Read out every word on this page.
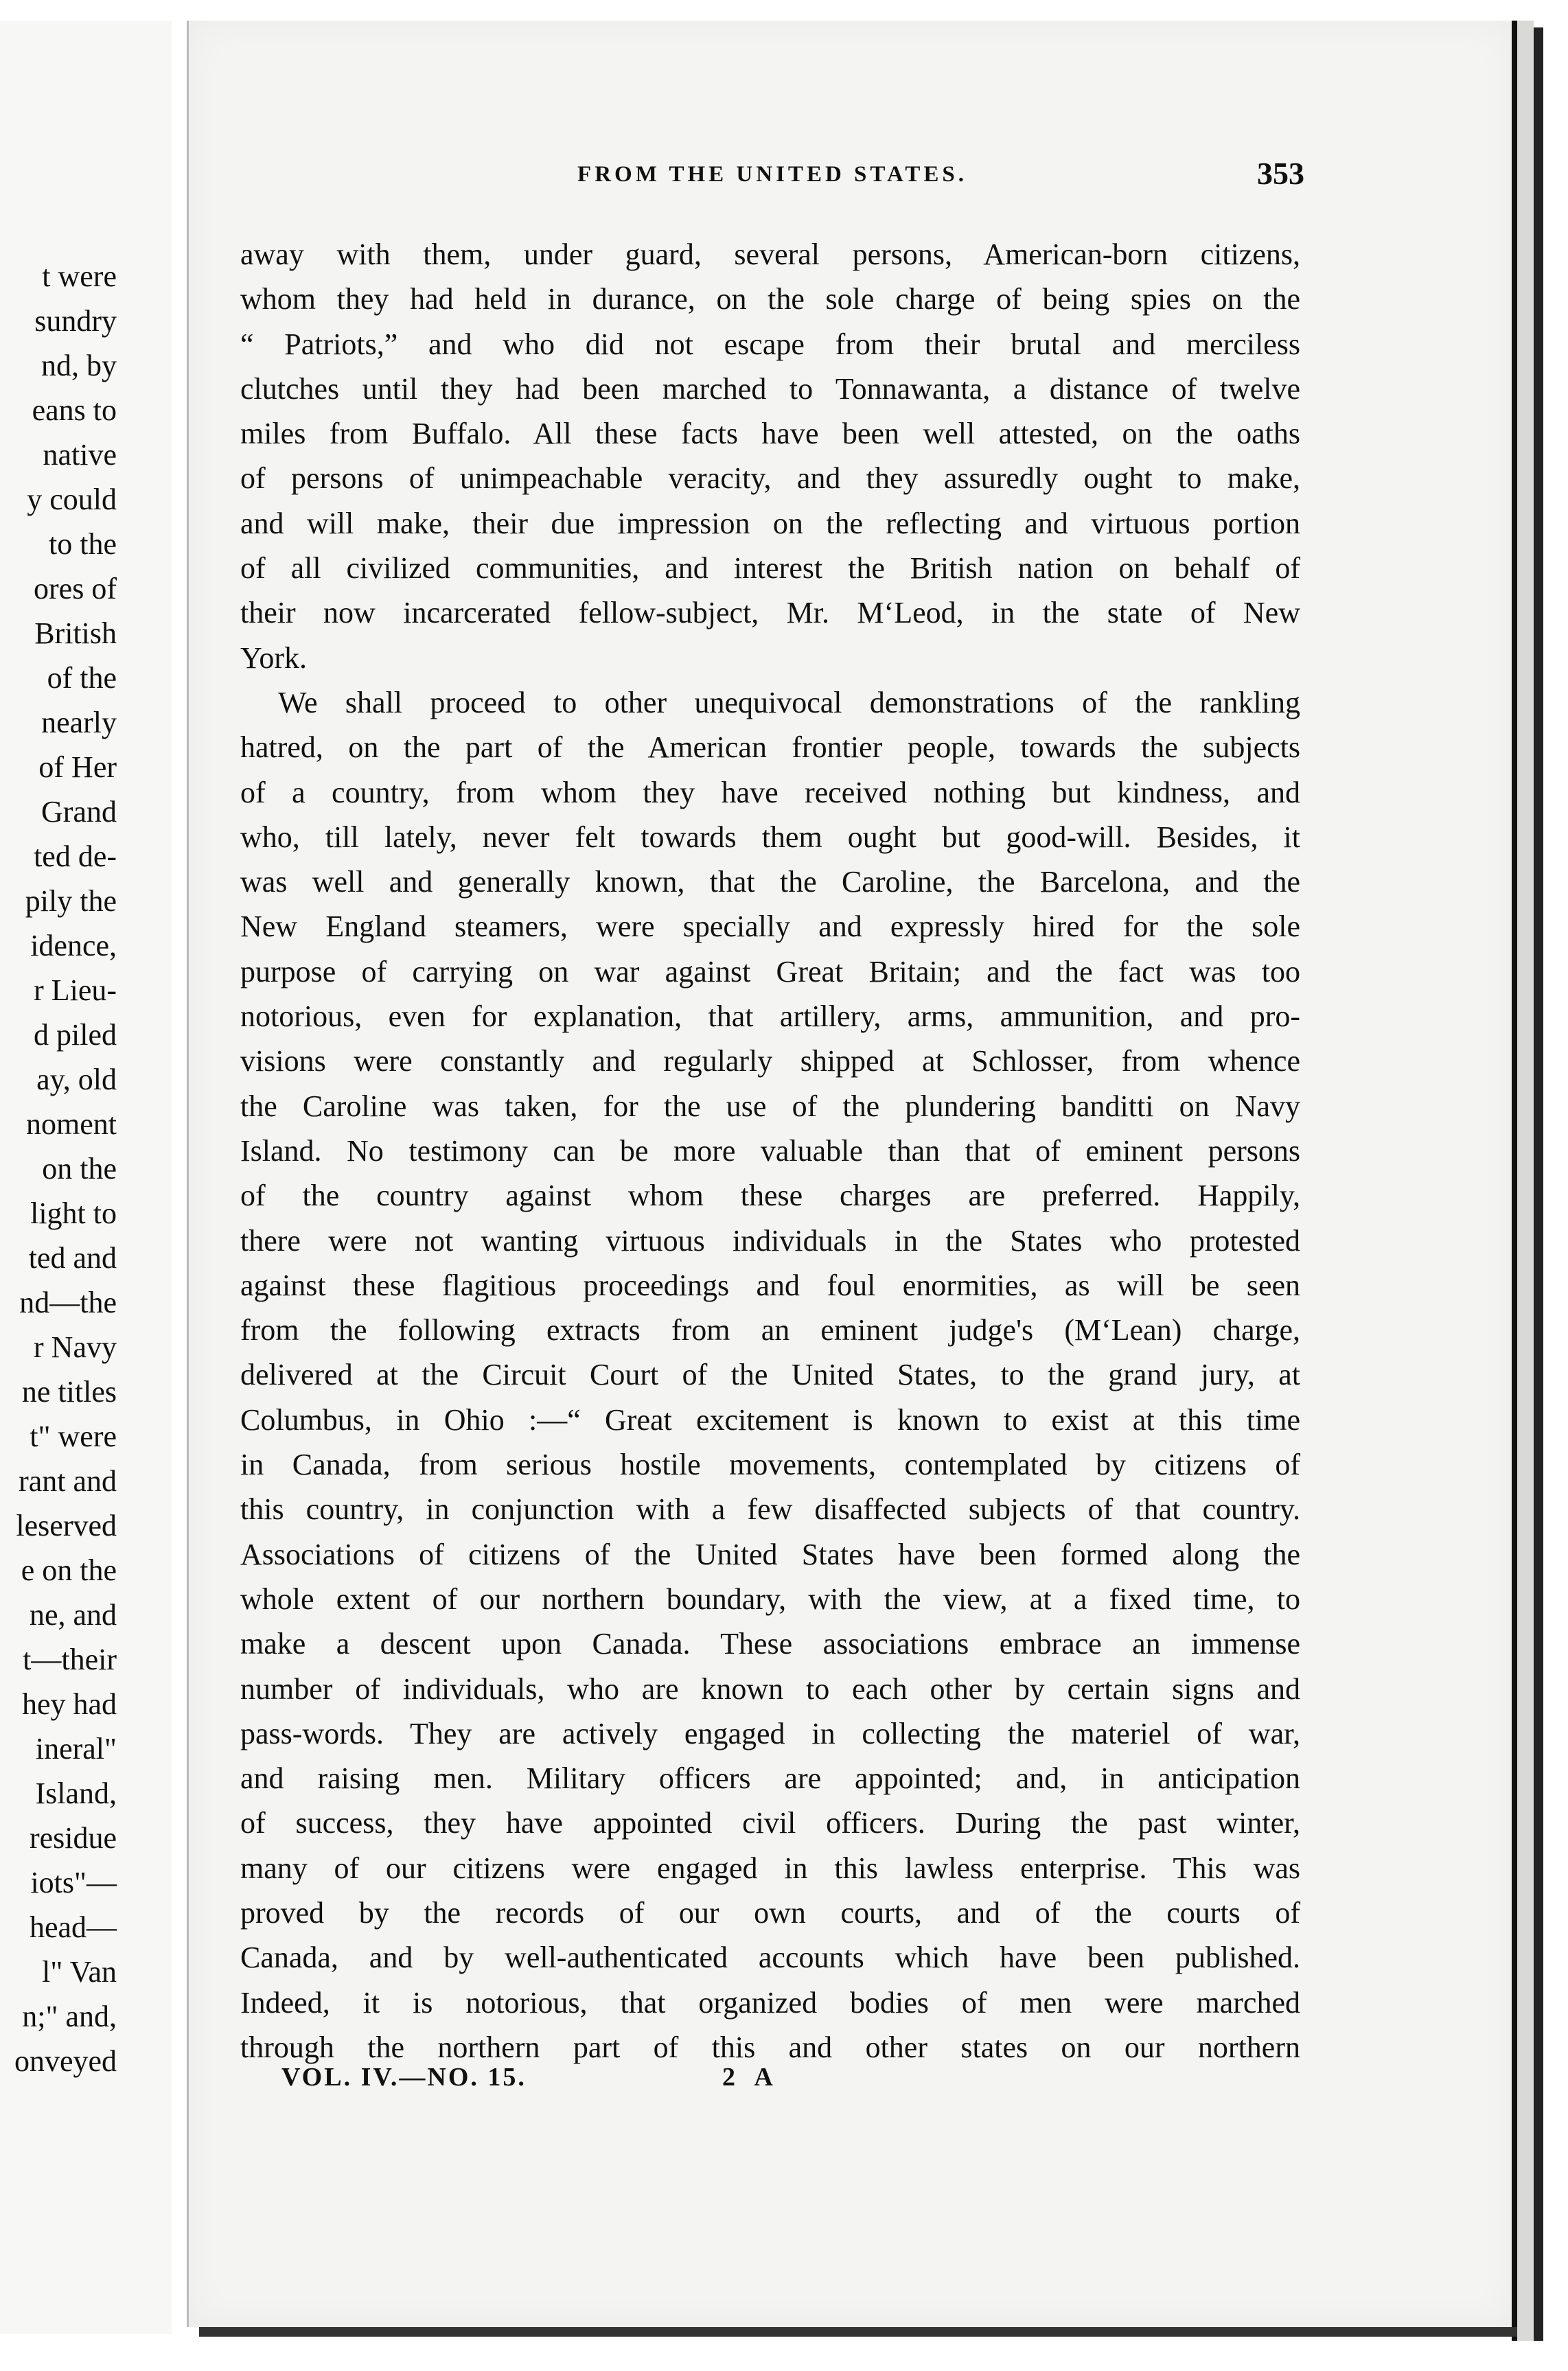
t were
sundry
nd, by
eans to
native
y could
to the
ores of
British
of the
nearly
of Her
Grand
ted de-
pily the
idence,
r Lieu-
d piled
ay, old
noment
on the
light to
ted and
nd—the
r Navy
ne titles
t" were
rant and
leserved
e on the
ne, and
t—their
hey had
ineral"
Island,
residue
iots"—
head—
l" Van
n;" and,
onveyed
FROM THE UNITED STATES.	353
away with them, under guard, several persons, American-born citizens,
whom they had held in durance, on the sole charge of being spies on the
“ Patriots,” and who did not escape from their brutal and merciless
clutches until they had been marched to Tonnawanta, a distance of twelve
miles from Buffalo. All these facts have been well attested, on the oaths
of persons of unimpeachable veracity, and they assuredly ought to make,
and will make, their due impression on the reflecting and virtuous portion
of all civilized communities, and interest the British nation on behalf of
their now incarcerated fellow-subject, Mr. M‘Leod, in the state of New
York.
We shall proceed to other unequivocal demonstrations of the rankling
hatred, on the part of the American frontier people, towards the subjects
of a country, from whom they have received nothing but kindness, and
who, till lately, never felt towards them ought but good-will. Besides, it
was well and generally known, that the Caroline, the Barcelona, and the
New England steamers, were specially and expressly hired for the sole
purpose of carrying on war against Great Britain; and the fact was too
notorious, even for explanation, that artillery, arms, ammunition, and pro-
visions were constantly and regularly shipped at Schlosser, from whence
the Caroline was taken, for the use of the plundering banditti on Navy
Island. No testimony can be more valuable than that of eminent persons
of the country against whom these charges are preferred. Happily,
there were not wanting virtuous individuals in the States who protested
against these flagitious proceedings and foul enormities, as will be seen
from the following extracts from an eminent judge's (M‘Lean) charge,
delivered at the Circuit Court of the United States, to the grand jury, at
Columbus, in Ohio :—“ Great excitement is known to exist at this time
in Canada, from serious hostile movements, contemplated by citizens of
this country, in conjunction with a few disaffected subjects of that country.
Associations of citizens of the United States have been formed along the
whole extent of our northern boundary, with the view, at a fixed time, to
make a descent upon Canada. These associations embrace an immense
number of individuals, who are known to each other by certain signs and
pass-words. They are actively engaged in collecting the materiel of war,
and raising men. Military officers are appointed; and, in anticipation
of success, they have appointed civil officers. During the past winter,
many of our citizens were engaged in this lawless enterprise. This was
proved by the records of our own courts, and of the courts of
Canada, and by well-authenticated accounts which have been published.
Indeed, it is notorious, that organized bodies of men were marched
through the northern part of this and other states on our northern
VOL. IV.—NO. 15.	2 A
